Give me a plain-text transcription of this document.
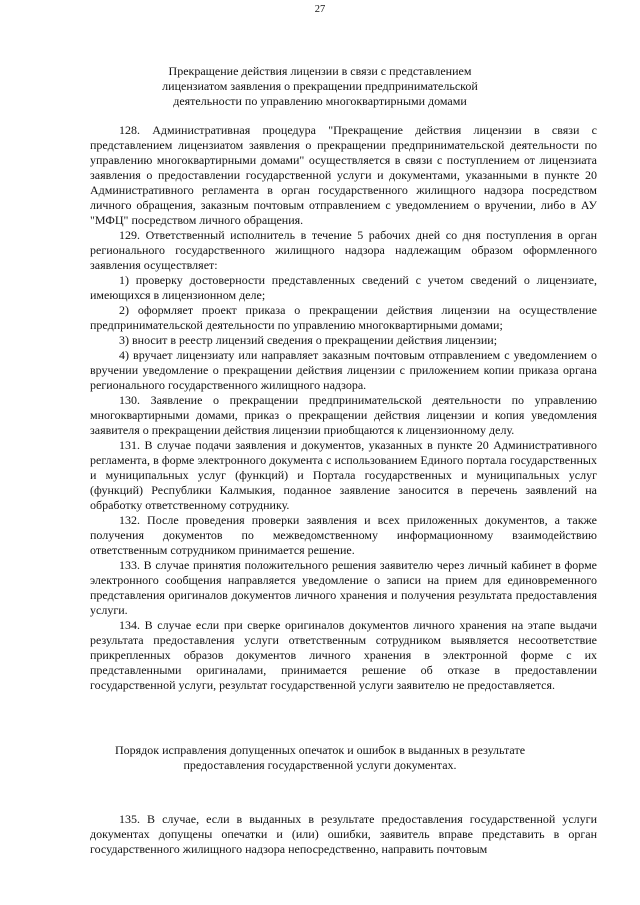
27
Прекращение действия лицензии в связи с представлением
лицензиатом заявления о прекращении предпринимательской
деятельности по управлению многоквартирными домами

128. Административная процедура "Прекращение действия лицензии в связи с представлением лицензиатом заявления о прекращении предпринимательской деятельности по управлению многоквартирными домами" осуществляется в связи с поступлением от лицензиата заявления о предоставлении государственной услуги и документами, указанными в пункте 20 Административного регламента в орган государственного жилищного надзора посредством личного обращения, заказным почтовым отправлением с уведомлением о вручении, либо в АУ "МФЦ" посредством личного обращения.

129. Ответственный исполнитель в течение 5 рабочих дней со дня поступления в орган регионального государственного жилищного надзора надлежащим образом оформленного заявления осуществляет:

1) проверку достоверности представленных сведений с учетом сведений о лицензиате, имеющихся в лицензионном деле;

2) оформляет проект приказа о прекращении действия лицензии на осуществление предпринимательской деятельности по управлению многоквартирными домами;

3) вносит в реестр лицензий сведения о прекращении действия лицензии;

4) вручает лицензиату или направляет заказным почтовым отправлением с уведомлением о вручении уведомление о прекращении действия лицензии с приложением копии приказа органа регионального государственного жилищного надзора.

130. Заявление о прекращении предпринимательской деятельности по управлению многоквартирными домами, приказ о прекращении действия лицензии и копия уведомления заявителя о прекращении действия лицензии приобщаются к лицензионному делу.

131. В случае подачи заявления и документов, указанных в пункте 20 Административного регламента, в форме электронного документа с использованием Единого портала государственных и муниципальных услуг (функций) и Портала государственных и муниципальных услуг (функций) Республики Калмыкия, поданное заявление заносится в перечень заявлений на обработку ответственному сотруднику.

132. После проведения проверки заявления и всех приложенных документов, а также получения документов по межведомственному информационному взаимодействию ответственным сотрудником принимается решение.

133. В случае принятия положительного решения заявителю через личный кабинет в форме электронного сообщения направляется уведомление о записи на прием для единовременного представления оригиналов документов личного хранения и получения результата предоставления услуги.

134. В случае если при сверке оригиналов документов личного хранения на этапе выдачи результата предоставления услуги ответственным сотрудником выявляется несоответствие прикрепленных образов документов личного хранения в электронной форме с их представленными оригиналами, принимается решение об отказе в предоставлении государственной услуги, результат государственной услуги заявителю не предоставляется.

Порядок исправления допущенных опечаток и ошибок в выданных в результате
предоставления государственной услуги документах.

135. В случае, если в выданных в результате предоставления государственной услуги документах допущены опечатки и (или) ошибки, заявитель вправе представить в орган государственного жилищного надзора непосредственно, направить почтовым
